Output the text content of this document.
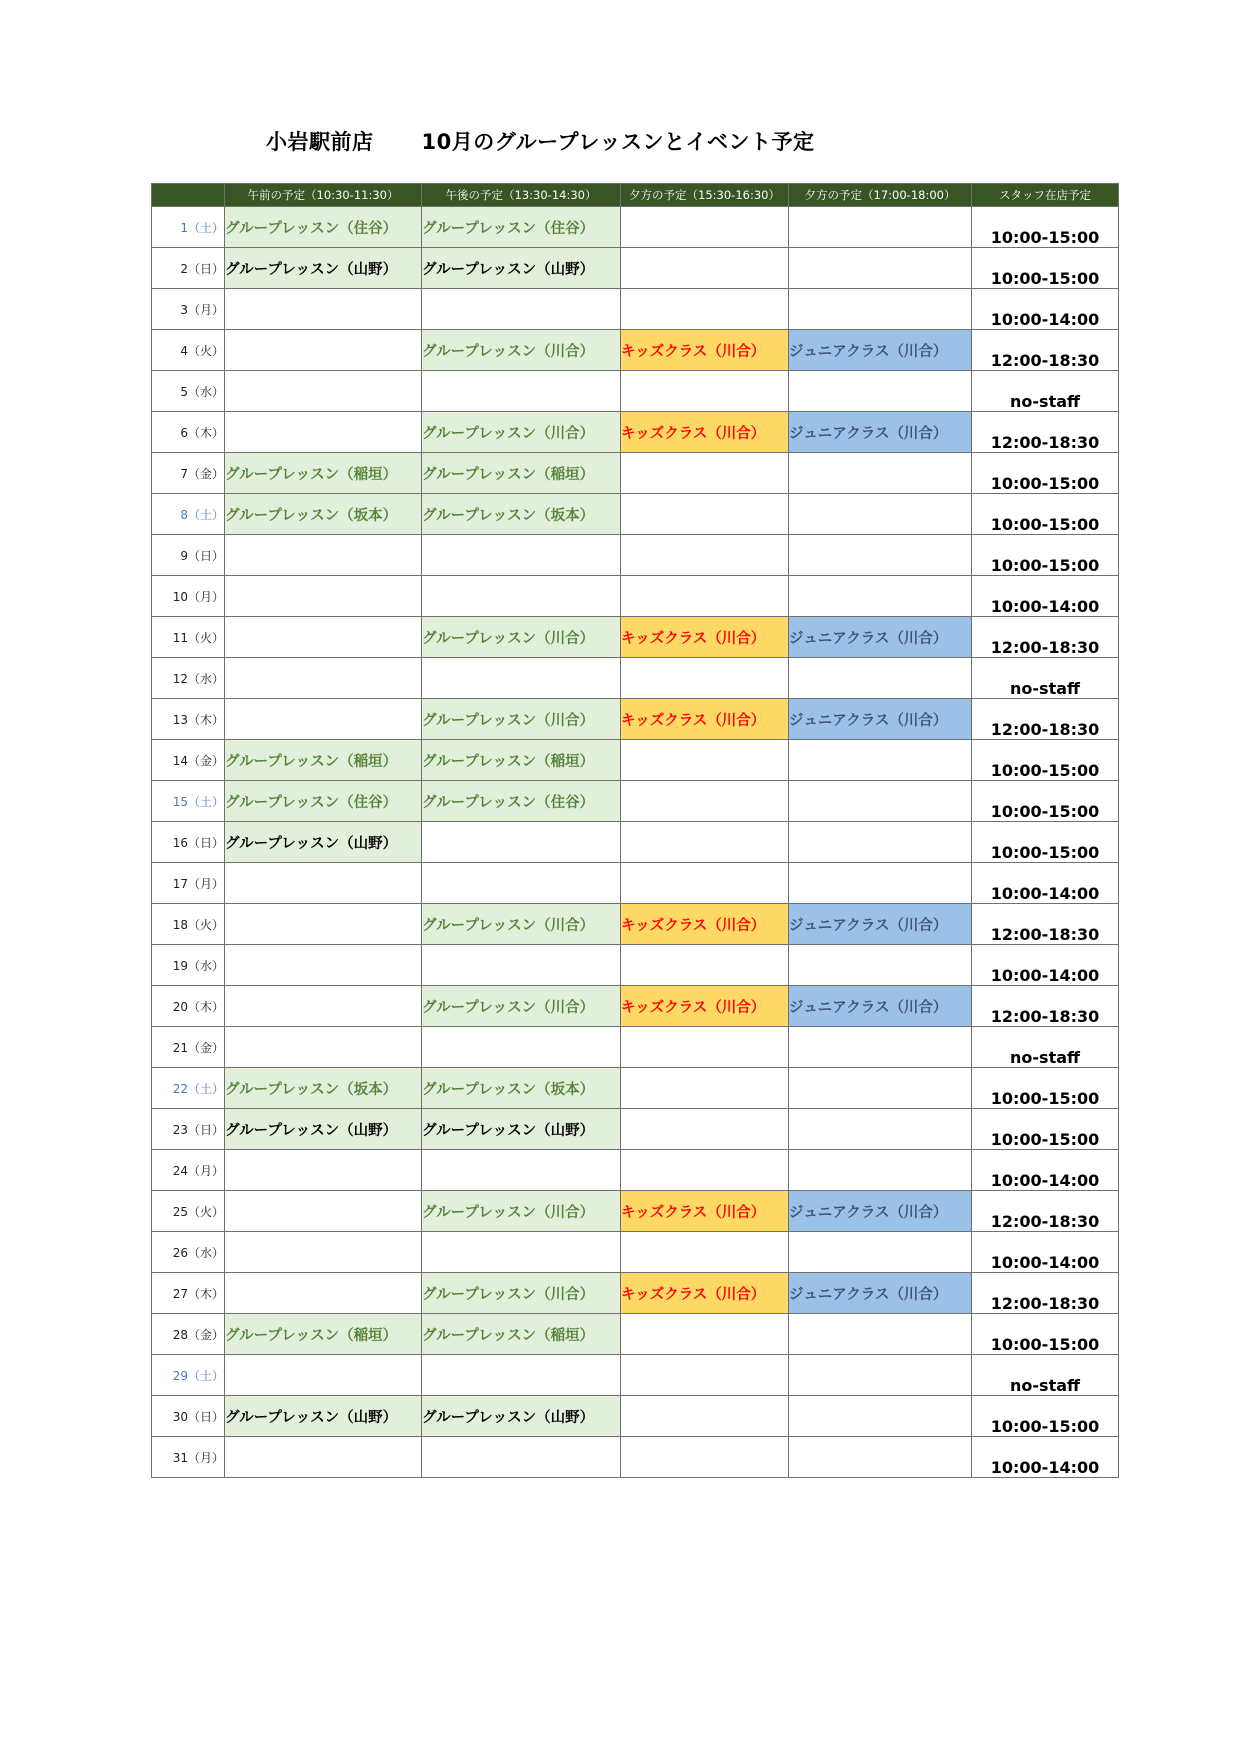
小岩駅前店 10月のグループレッスンとイベント予定
	午前の予定（10:30-11:30）	午後の予定（13:30-14:30）	夕方の予定（15:30-16:30）	夕方の予定（17:00-18:00）	スタッフ在店予定
1（土）	グループレッスン（住谷）	グループレッスン（住谷）			10:00-15:00
2（日）	グループレッスン（山野）	グループレッスン（山野）			10:00-15:00
3（月）					10:00-14:00
4（火）		グループレッスン（川合）	キッズクラス（川合）	ジュニアクラス（川合）	12:00-18:30
5（水）					no-staff
6（木）		グループレッスン（川合）	キッズクラス（川合）	ジュニアクラス（川合）	12:00-18:30
7（金）	グループレッスン（稲垣）	グループレッスン（稲垣）			10:00-15:00
8（土）	グループレッスン（坂本）	グループレッスン（坂本）			10:00-15:00
9（日）					10:00-15:00
10（月）					10:00-14:00
11（火）		グループレッスン（川合）	キッズクラス（川合）	ジュニアクラス（川合）	12:00-18:30
12（水）					no-staff
13（木）		グループレッスン（川合）	キッズクラス（川合）	ジュニアクラス（川合）	12:00-18:30
14（金）	グループレッスン（稲垣）	グループレッスン（稲垣）			10:00-15:00
15（土）	グループレッスン（住谷）	グループレッスン（住谷）			10:00-15:00
16（日）	グループレッスン（山野）				10:00-15:00
17（月）					10:00-14:00
18（火）		グループレッスン（川合）	キッズクラス（川合）	ジュニアクラス（川合）	12:00-18:30
19（水）					10:00-14:00
20（木）		グループレッスン（川合）	キッズクラス（川合）	ジュニアクラス（川合）	12:00-18:30
21（金）					no-staff
22（土）	グループレッスン（坂本）	グループレッスン（坂本）			10:00-15:00
23（日）	グループレッスン（山野）	グループレッスン（山野）			10:00-15:00
24（月）					10:00-14:00
25（火）		グループレッスン（川合）	キッズクラス（川合）	ジュニアクラス（川合）	12:00-18:30
26（水）					10:00-14:00
27（木）		グループレッスン（川合）	キッズクラス（川合）	ジュニアクラス（川合）	12:00-18:30
28（金）	グループレッスン（稲垣）	グループレッスン（稲垣）			10:00-15:00
29（土）					no-staff
30（日）	グループレッスン（山野）	グループレッスン（山野）			10:00-15:00
31（月）					10:00-14:00
